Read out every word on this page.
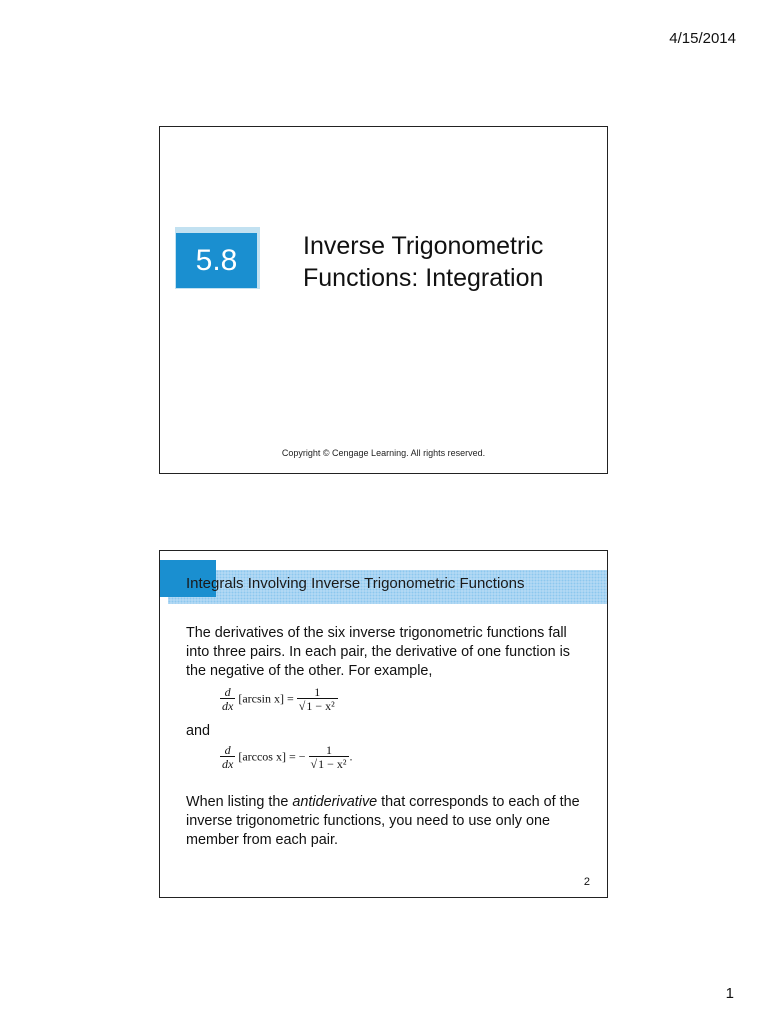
4/15/2014
5.8	Inverse Trigonometric
Functions: Integration
Copyright © Cengage Learning. All rights reserved.
Integrals Involving Inverse Trigonometric Functions
The derivatives of the six inverse trigonometric functions fall into three pairs. In each pair, the derivative of one function is the negative of the other. For example,
$\frac{d}{dx} [\arcsin$ $x] = \frac{1}{\text{√1 − x²}}$
and
$\frac{d}{dx} [\arccos$ x] = − $\frac{1}{\text{√1 − x²}}$ .
When listing the antiderivative that corresponds to each of the inverse trigonometric functions, you need to use only one member from each pair.
2
1
